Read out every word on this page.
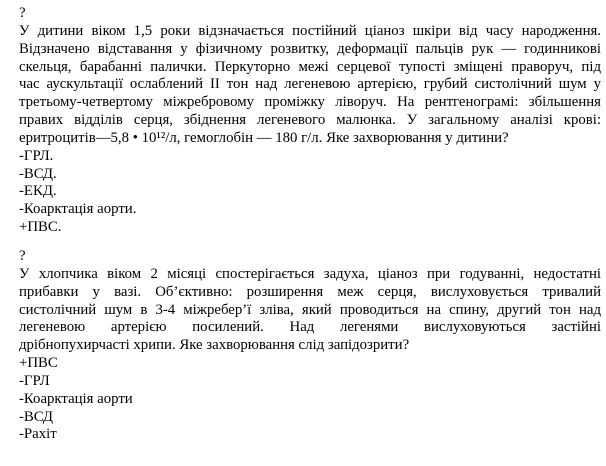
?
У дитини віком 1,5 роки відзначається постійний ціаноз шкіри від часу народження.
Відзначено відставання у фізичному розвитку, деформації пальців рук — годинникові
скельця, барабанні палички. Перкуторно межі серцевої тупості зміщені праворуч, під
час аускультації ослаблений II тон над легеневою артерією, грубий систолічний шум у
третьому-четвертому міжребровому проміжку ліворуч. На рентгенограмі: збільшення
правих відділів серця, збіднення легеневого малюнка. У загальному аналізі крові:
еритроцитів—5,8 • 10¹²/л, гемоглобін — 180 г/л. Яке захворювання у дитини?
-ГРЛ.
-ВСД.
-ЕКД.
-Коарктація аорти.
+ПВС.
?
У хлопчика віком 2 місяці спостерігається задуха, ціаноз при годуванні, недостатні
прибавки у вазі. Об’єктивно: розширення меж серця, вислуховується тривалий
систолічний шум в 3-4 міжребер’ї зліва, який проводиться на спину, другий тон над
легеневою артерією посилений. Над легенями вислуховуються застійні
дрібнопухирчасті хрипи. Яке захворювання слід запідозрити?
+ПВС
-ГРЛ
-Коарктація аорти
-ВСД
-Рахіт
